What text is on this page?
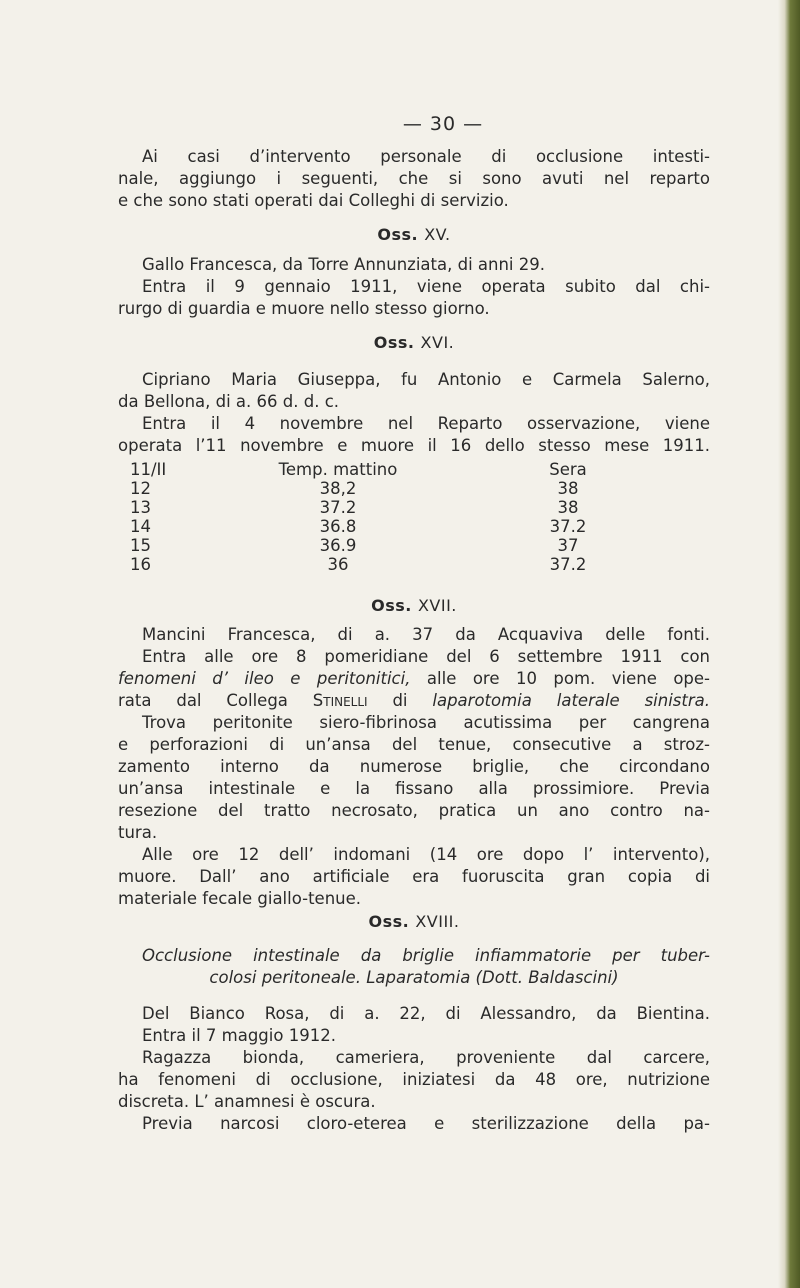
— 30 —
Ai casi d’intervento personale di occlusione intesti-
nale, aggiungo i seguenti, che si sono avuti nel reparto
e che sono stati operati dai Colleghi di servizio.
Oss. XV.
Gallo Francesca, da Torre Annunziata, di anni 29.
Entra il 9 gennaio 1911, viene operata subito dal chi-
rurgo di guardia e muore nello stesso giorno.
Oss. XVI.
Cipriano Maria Giuseppa, fu Antonio e Carmela Salerno,
da Bellona, di a. 66 d. d. c.
Entra il 4 novembre nel Reparto osservazione, viene
operata l’11 novembre e muore il 16 dello stesso mese 1911.
11/II	Temp. mattino	Sera
12	38,2	38
13	37.2	38
14	36.8	37.2
15	36.9	37
16	36	37.2
Oss. XVII.
Mancini Francesca, di a. 37 da Acquaviva delle fonti.
Entra alle ore 8 pomeridiane del 6 settembre 1911 con
fenomeni d’ ileo e peritonitici, alle ore 10 pom. viene ope-
rata dal Collega Stinelli di laparotomia laterale sinistra.
Trova peritonite siero-fibrinosa acutissima per cangrena
e perforazioni di un’ansa del tenue, consecutive a stroz-
zamento interno da numerose briglie, che circondano
un’ansa intestinale e la fissano alla prossimiore. Previa
resezione del tratto necrosato, pratica un ano contro na-
tura.
Alle ore 12 dell’ indomani (14 ore dopo l’ intervento),
muore. Dall’ ano artificiale era fuoruscita gran copia di
materiale fecale giallo-tenue.
Oss. XVIII.
Occlusione intestinale da briglie infiammatorie per tuber-
colosi peritoneale. Laparatomia (Dott. Baldascini)
Del Bianco Rosa, di a. 22, di Alessandro, da Bientina.
Entra il 7 maggio 1912.
Ragazza bionda, cameriera, proveniente dal carcere,
ha fenomeni di occlusione, iniziatesi da 48 ore, nutrizione
discreta. L’ anamnesi è oscura.
Previa narcosi cloro-eterea e sterilizzazione della pa-
